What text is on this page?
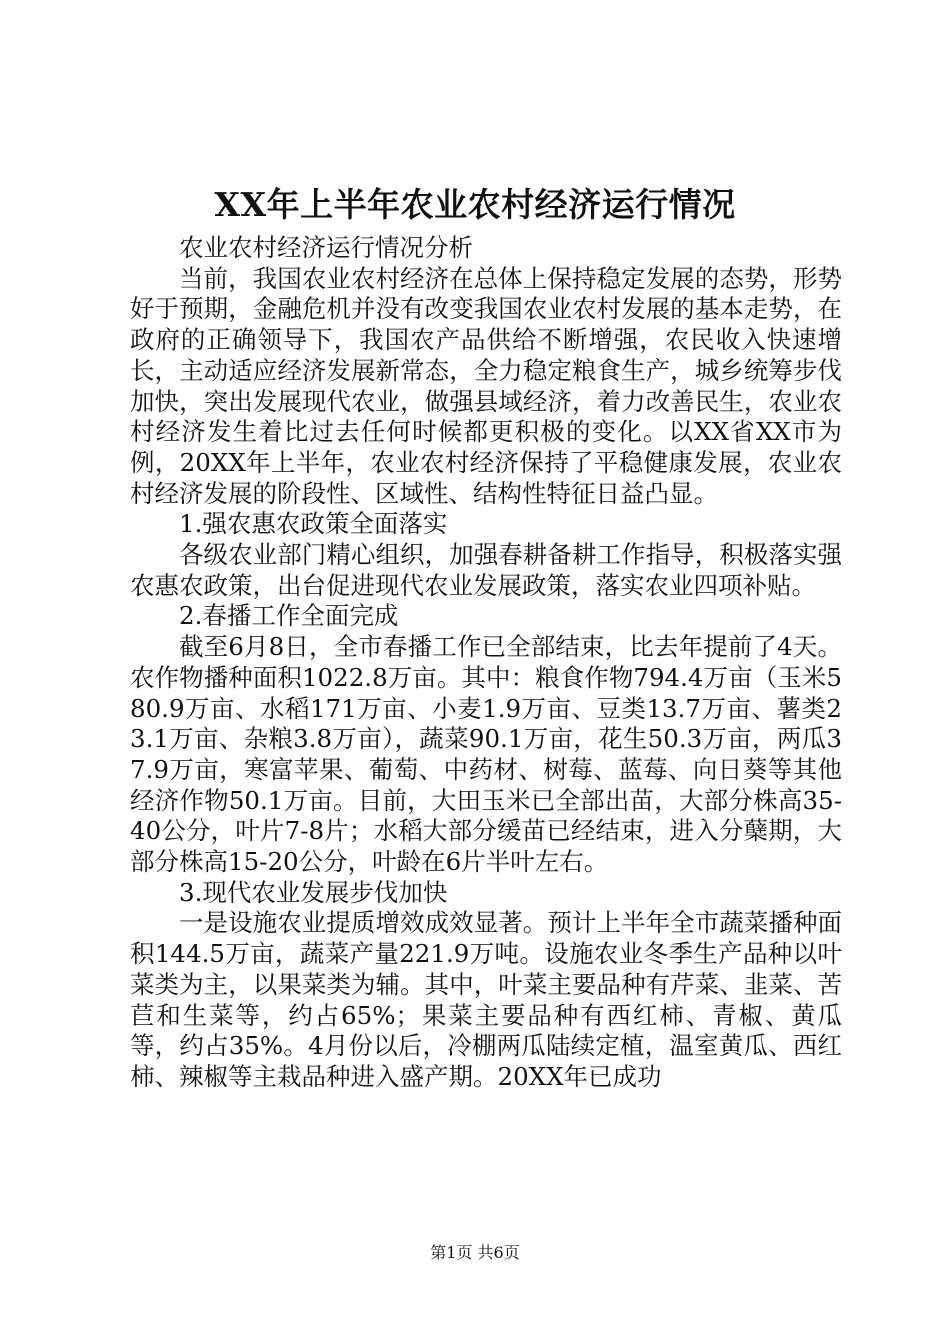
XX年上半年农业农村经济运行情况

农业农村经济运行情况分析

当前，我国农业农村经济在总体上保持稳定发展的态势，形势好于预期，金融危机并没有改变我国农业农村发展的基本走势，在政府的正确领导下，我国农产品供给不断增强，农民收入快速增长，主动适应经济发展新常态，全力稳定粮食生产，城乡统筹步伐加快，突出发展现代农业，做强县域经济，着力改善民生，农业农村经济发生着比过去任何时候都更积极的变化。以XX省XX市为例，20XX年上半年，农业农村经济保持了平稳健康发展，农业农村经济发展的阶段性、区域性、结构性特征日益凸显。

1.强农惠农政策全面落实

各级农业部门精心组织，加强春耕备耕工作指导，积极落实强农惠农政策，出台促进现代农业发展政策，落实农业四项补贴。

2.春播工作全面完成

截至6月8日，全市春播工作已全部结束，比去年提前了4天。农作物播种面积1022.8万亩。其中：粮食作物794.4万亩（玉米580.9万亩、水稻171万亩、小麦1.9万亩、豆类13.7万亩、薯类23.1万亩、杂粮3.8万亩），蔬菜90.1万亩，花生50.3万亩，两瓜37.9万亩，寒富苹果、葡萄、中药材、树莓、蓝莓、向日葵等其他经济作物50.1万亩。目前，大田玉米已全部出苗，大部分株高35-40公分，叶片7-8片；水稻大部分缓苗已经结束，进入分蘖期，大部分株高15-20公分，叶龄在6片半叶左右。

3.现代农业发展步伐加快

一是设施农业提质增效成效显著。预计上半年全市蔬菜播种面积144.5万亩，蔬菜产量221.9万吨。设施农业冬季生产品种以叶菜类为主，以果菜类为辅。其中，叶菜主要品种有芹菜、韭菜、苦苣和生菜等，约占65%；果菜主要品种有西红柿、青椒、黄瓜等，约占35%。4月份以后，冷棚两瓜陆续定植，温室黄瓜、西红柿、辣椒等主栽品种进入盛产期。20XX年已成功

第1页 共6页
